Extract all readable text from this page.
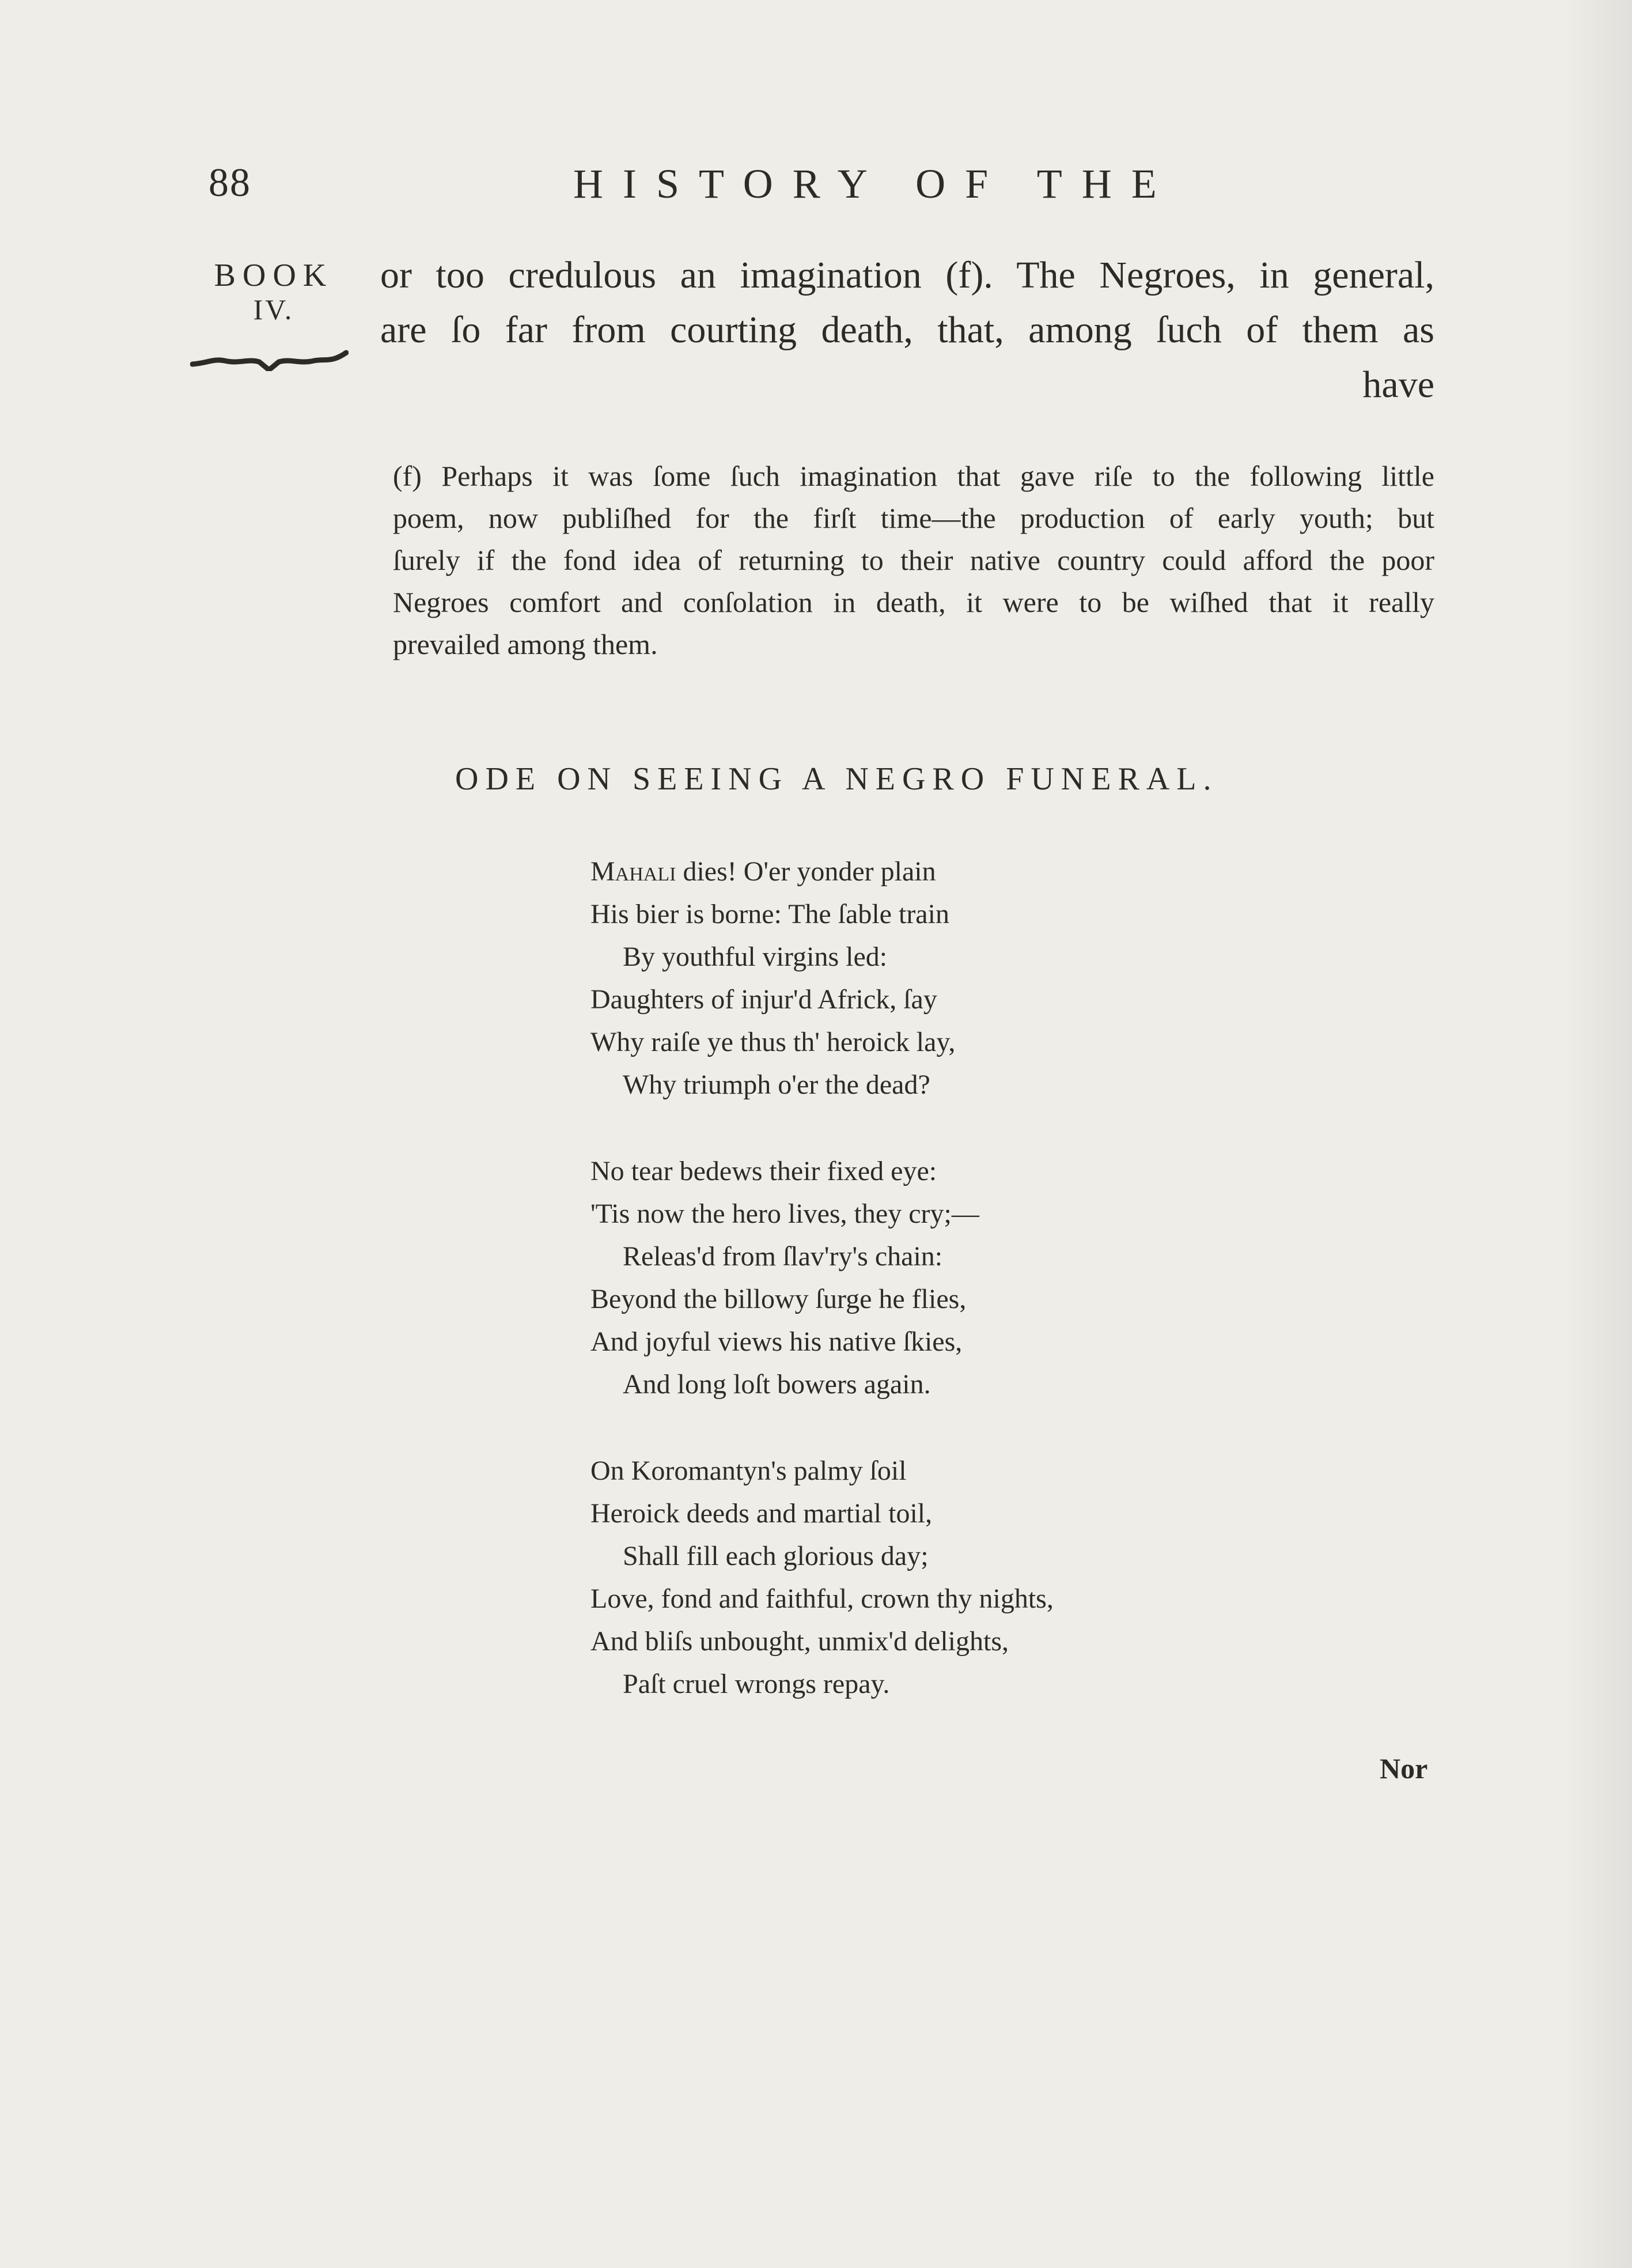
88	HISTORY OF THE
BOOK
IV.
or too credulous an imagination (f). The Negroes, in general,
are ſo far from courting death, that, among ſuch of them as
have
(f) Perhaps it was ſome ſuch imagination that gave riſe to the following little
poem, now publiſhed for the firſt time—the production of early youth; but
ſurely if the fond idea of returning to their native country could afford the poor
Negroes comfort and conſolation in death, it were to be wiſhed that it really
prevailed among them.
ODE ON SEEING A NEGRO FUNERAL.
Mahali dies! O'er yonder plain
His bier is borne: The ſable train
By youthful virgins led:
Daughters of injur'd Africk, ſay
Why raiſe ye thus th' heroick lay,
Why triumph o'er the dead?
No tear bedews their fixed eye:
'Tis now the hero lives, they cry;—
Releas'd from ſlav'ry's chain:
Beyond the billowy ſurge he flies,
And joyful views his native ſkies,
And long loſt bowers again.
On Koromantyn's palmy ſoil
Heroick deeds and martial toil,
Shall fill each glorious day;
Love, fond and faithful, crown thy nights,
And bliſs unbought, unmix'd delights,
Paſt cruel wrongs repay.
Nor
